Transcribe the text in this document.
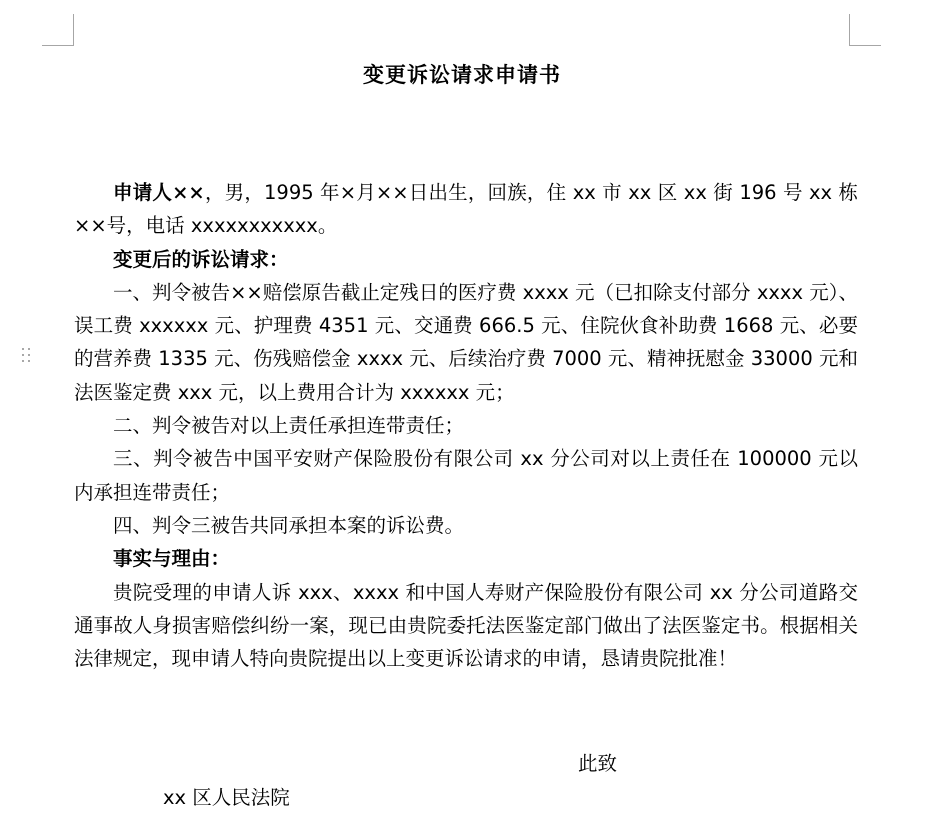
变更诉讼请求申请书

申请人××，男，1995 年×月××日出生，回族，住 xx 市 xx 区 xx 街 196 号 xx 栋××号，电话 xxxxxxxxxxx。

变更后的诉讼请求：

一、判令被告××赔偿原告截止定残日的医疗费 xxxx 元（已扣除支付部分 xxxx 元）、误工费 xxxxxx 元、护理费 4351 元、交通费 666.5 元、住院伙食补助费 1668 元、必要的营养费 1335 元、伤残赔偿金 xxxx 元、后续治疗费 7000 元、精神抚慰金 33000 元和法医鉴定费 xxx 元，以上费用合计为 xxxxxx 元；

二、判令被告对以上责任承担连带责任；

三、判令被告中国平安财产保险股份有限公司 xx 分公司对以上责任在 100000 元以内承担连带责任；

四、判令三被告共同承担本案的诉讼费。

事实与理由：

贵院受理的申请人诉 xxx、xxxx 和中国人寿财产保险股份有限公司 xx 分公司道路交通事故人身损害赔偿纠纷一案，现已由贵院委托法医鉴定部门做出了法医鉴定书。根据相关法律规定，现申请人特向贵院提出以上变更诉讼请求的申请，恳请贵院批准！

此致
xx 区人民法院
